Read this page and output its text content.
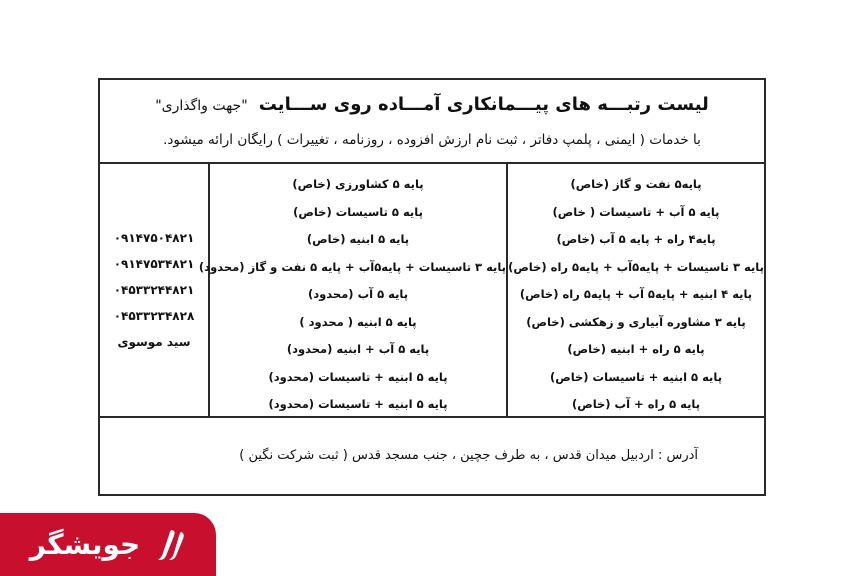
لیست رتبـــه های پیـــمانکاری آمـــاده روی ســـایت "جهت واگذاری"
با خدمات ( ایمنی ، پلمپ دفاتر ، ثبت نام ارزش افزوده ، روزنامه ، تغییرات ) رایگان ارائه میشود.
پایه۵ نفت و گاز (خاص)
پایه ۵ آب + تاسیسات ( خاص)
پایه۴ راه + پایه ۵ آب (خاص)
پایه ۳ تاسیسات + پایه۵آب + پایه۵ راه (خاص)
پایه ۴ ابنیه + پایه۵ آب + پایه۵ راه (خاص)
پایه ۳ مشاوره آبیاری و زهکشی (خاص)
پایه ۵ راه + ابنیه (خاص)
پایه ۵ ابنیه + تاسیسات (خاص)
پایه ۵ راه + آب (خاص)
پایه ۵ کشاورزی (خاص)
پایه ۵ تاسیسات (خاص)
پایه ۵ ابنیه (خاص)
پایه ۳ تاسیسات + پایه۵آب + پایه ۵ نفت و گاز (محدود)
پایه ۵ آب (محدود)
پایه ۵ ابنیه ( محدود )
پایه ۵ آب + ابنیه (محدود)
پایه ۵ ابنیه + تاسیسات (محدود)
پایه ۵ ابنیه + تاسیسات (محدود)
۰۹۱۴۷۵۰۴۸۲۱
۰۹۱۴۷۵۳۴۸۲۱
۰۴۵۳۳۲۴۴۸۲۱
۰۴۵۳۳۲۳۴۸۲۸
سید موسوی
آدرس : اردبیل میدان قدس ، به طرف جچین ، جنب مسجد قدس ( ثبت شرکت نگین )
جویشگر
